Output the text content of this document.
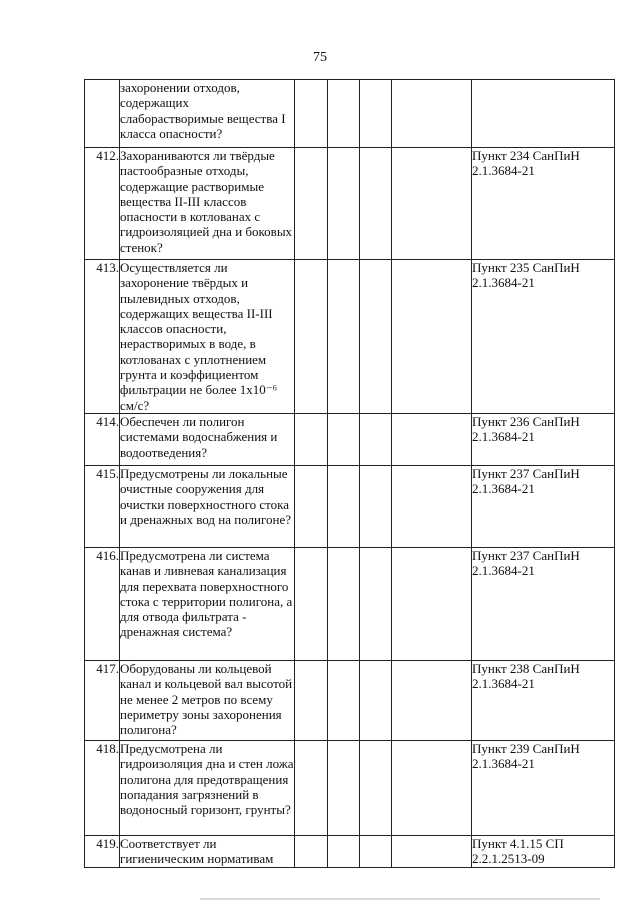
75
	захоронении отходов, содержащих слаборастворимые вещества I класса опасности?					
412.	Захораниваются ли твёрдые пастообразные отходы, содержащие растворимые вещества II-III классов опасности в котлованах с гидроизоляцией дна и боковых стенок?					Пункт 234 СанПиН 2.1.3684-21
413.	Осуществляется ли захоронение твёрдых и пылевидных отходов, содержащих вещества II-III классов опасности, нерастворимых в воде, в котлованах с уплотнением грунта и коэффициентом фильтрации не более 1x10⁻⁶ см/с?					Пункт 235 СанПиН 2.1.3684-21
414.	Обеспечен ли полигон системами водоснабжения и водоотведения?					Пункт 236 СанПиН 2.1.3684-21
415.	Предусмотрены ли локальные очистные сооружения для очистки поверхностного стока и дренажных вод на полигоне?					Пункт 237 СанПиН 2.1.3684-21
416.	Предусмотрена ли система канав и ливневая канализация для перехвата поверхностного стока с территории полигона, а для отвода фильтрата - дренажная система?					Пункт 237 СанПиН 2.1.3684-21
417.	Оборудованы ли кольцевой канал и кольцевой вал высотой не менее 2 метров по всему периметру зоны захоронения полигона?					Пункт 238 СанПиН 2.1.3684-21
418.	Предусмотрена ли гидроизоляция дна и стен ложа полигона для предотвращения попадания загрязнений в водоносный горизонт, грунты?					Пункт 239 СанПиН 2.1.3684-21
419.	Соответствует ли гигиеническим нормативам					Пункт 4.1.15 СП 2.2.1.2513-09
